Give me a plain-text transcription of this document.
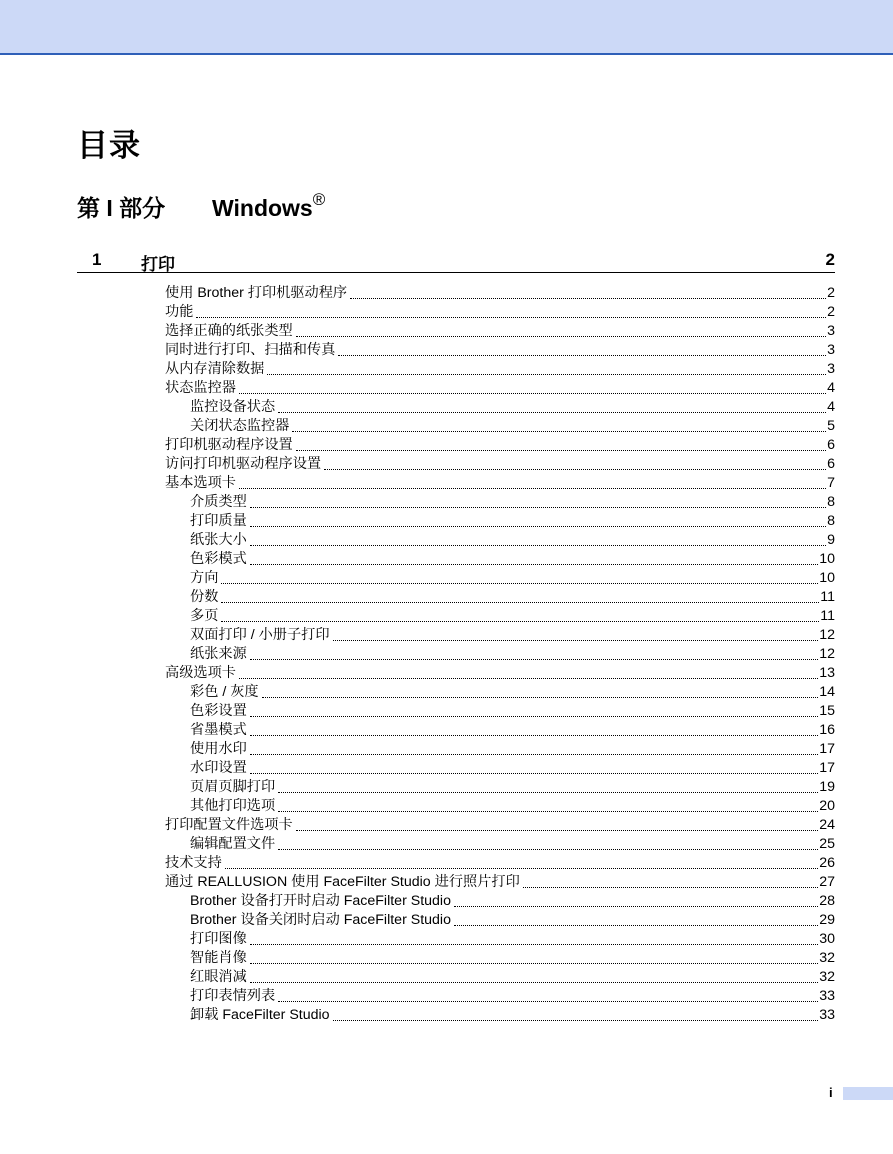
目录
第 I 部分 Windows®
1 打印	2
使用 Brother 打印机驱动程序	2
功能	2
选择正确的纸张类型	3
同时进行打印、扫描和传真	3
从内存清除数据	3
状态监控器	4
监控设备状态	4
关闭状态监控器	5
打印机驱动程序设置	6
访问打印机驱动程序设置	6
基本选项卡	7
介质类型	8
打印质量	8
纸张大小	9
色彩模式	10
方向	10
份数	11
多页	11
双面打印 / 小册子打印	12
纸张来源	12
高级选项卡	13
彩色 / 灰度	14
色彩设置	15
省墨模式	16
使用水印	17
水印设置	17
页眉页脚打印	19
其他打印选项	20
打印配置文件选项卡	24
编辑配置文件	25
技术支持	26
通过 REALLUSION 使用 FaceFilter Studio 进行照片打印	27
Brother 设备打开时启动 FaceFilter Studio	28
Brother 设备关闭时启动 FaceFilter Studio	29
打印图像	30
智能肖像	32
红眼消减	32
打印表情列表	33
卸载 FaceFilter Studio	33
i
